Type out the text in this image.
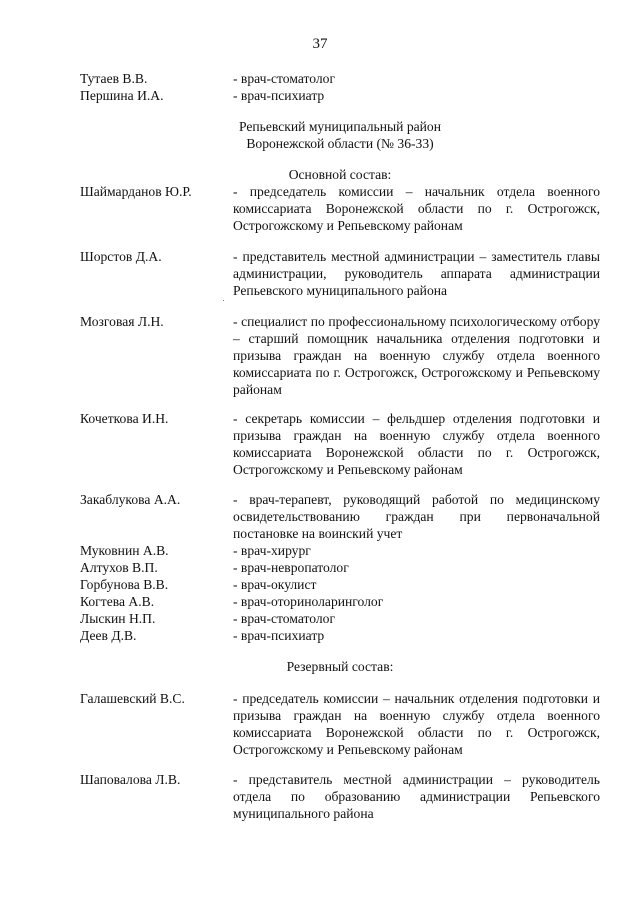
37
Тутаев В.В.	- врач-стоматолог
Першина И.А.	- врач-психиатр
Репьевский муниципальный район
Воронежской области (№ 36-33)
Основной состав:
Шаймарданов Ю.Р.	- председатель комиссии – начальник отдела военного комиссариата Воронежской области по г. Острогожск, Острогожскому и Репьевскому районам
Шорстов Д.А.	- представитель местной администрации – заместитель главы администрации, руководитель аппарата администрации Репьевского муниципального района
Мозговая Л.Н.	- специалист по профессиональному психологическому отбору – старший помощник начальника отделения подготовки и призыва граждан на военную службу отдела военного комиссариата по г. Острогожск, Острогожскому и Репьевскому районам
Кочеткова И.Н.	- секретарь комиссии – фельдшер отделения подготовки и призыва граждан на военную службу отдела военного комиссариата Воронежской области по г. Острогожск, Острогожскому и Репьевскому районам
Закаблукова А.А.	- врач-терапевт, руководящий работой по медицинскому освидетельствованию граждан при первоначальной постановке на воинский учет
Муковнин А.В.	- врач-хирург
Алтухов В.П.	- врач-невропатолог
Горбунова В.В.	- врач-окулист
Когтева А.В.	- врач-оториноларинголог
Лыскин Н.П.	- врач-стоматолог
Деев Д.В.	- врач-психиатр
Резервный состав:
Галашевский В.С.	- председатель комиссии – начальник отделения подготовки и призыва граждан на военную службу отдела военного комиссариата Воронежской области по г. Острогожск, Острогожскому и Репьевскому районам
Шаповалова Л.В.	- представитель местной администрации – руководитель отдела по образованию администрации Репьевского муниципального района
